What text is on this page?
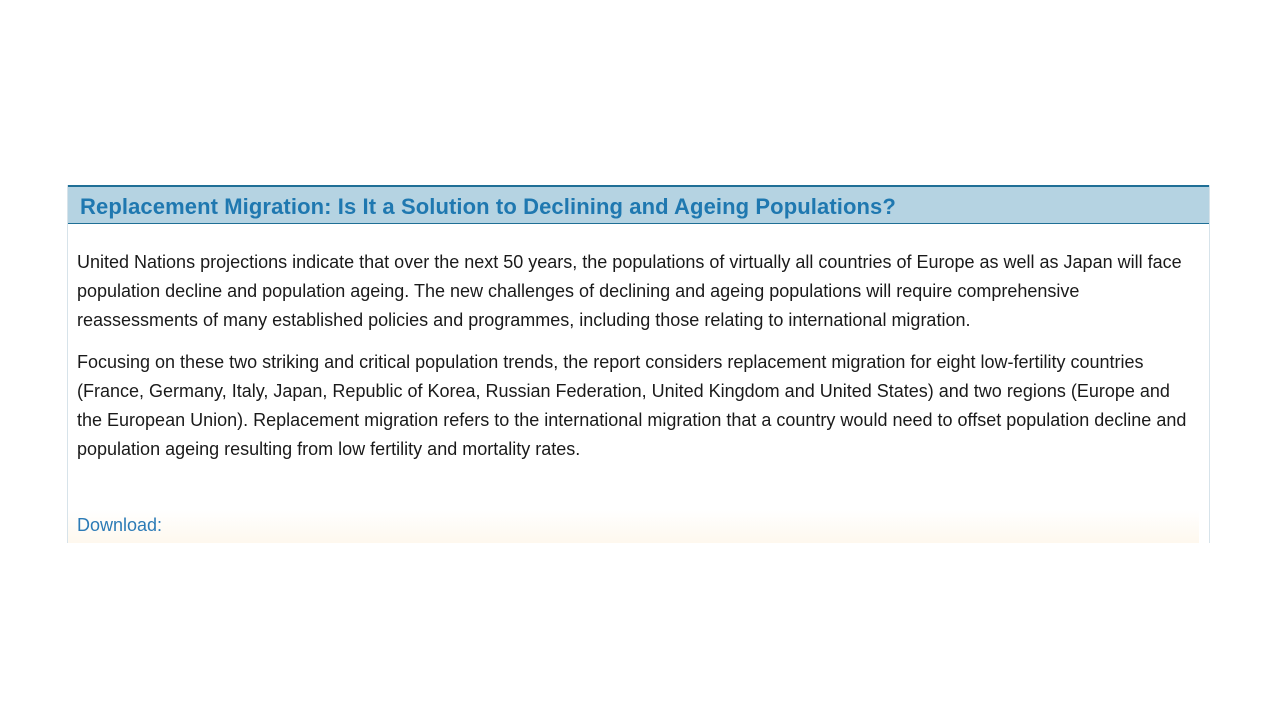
Replacement Migration: Is It a Solution to Declining and Ageing Populations?

United Nations projections indicate that over the next 50 years, the populations of virtually all countries of Europe as well as Japan will face population decline and population ageing. The new challenges of declining and ageing populations will require comprehensive reassessments of many established policies and programmes, including those relating to international migration.

Focusing on these two striking and critical population trends, the report considers replacement migration for eight low-fertility countries (France, Germany, Italy, Japan, Republic of Korea, Russian Federation, United Kingdom and United States) and two regions (Europe and the European Union). Replacement migration refers to the international migration that a country would need to offset population decline and population ageing resulting from low fertility and mortality rates.

Download:
